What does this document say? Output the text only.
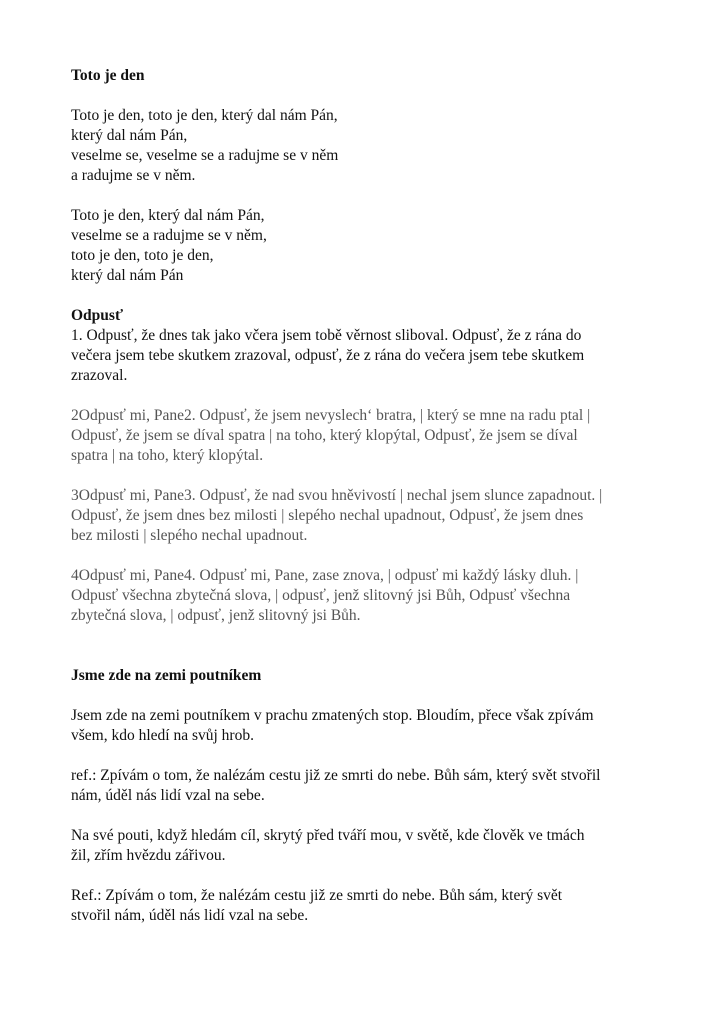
Toto je den

Toto je den, toto je den, který dal nám Pán,

který dal nám Pán,

veselme se, veselme se a radujme se v něm

a radujme se v něm.

Toto je den, který dal nám Pán,

veselme se a radujme se v něm,

toto je den, toto je den,

který dal nám Pán

Odpusť

1. Odpusť, že dnes tak jako včera jsem tobě věrnost sliboval. Odpusť, že z rána do

večera jsem tebe skutkem zrazoval, odpusť, že z rána do večera jsem tebe skutkem

zrazoval.

2Odpusť mi, Pane2. Odpusť, že jsem nevyslech‘ bratra, | který se mne na radu ptal |

Odpusť, že jsem se díval spatra | na toho, který klopýtal, Odpusť, že jsem se díval

spatra | na toho, který klopýtal.

3Odpusť mi, Pane3. Odpusť, že nad svou hněvivostí | nechal jsem slunce zapadnout. |

Odpusť, že jsem dnes bez milosti | slepého nechal upadnout, Odpusť, že jsem dnes

bez milosti | slepého nechal upadnout.

4Odpusť mi, Pane4. Odpusť mi, Pane, zase znova, | odpusť mi každý lásky dluh. |

Odpusť všechna zbytečná slova, | odpusť, jenž slitovný jsi Bůh, Odpusť všechna

zbytečná slova, | odpusť, jenž slitovný jsi Bůh.

Jsme zde na zemi poutníkem

Jsem zde na zemi poutníkem v prachu zmatených stop. Bloudím, přece však zpívám

všem, kdo hledí na svůj hrob.

ref.: Zpívám o tom, že nalézám cestu již ze smrti do nebe. Bůh sám, který svět stvořil

nám, úděl nás lidí vzal na sebe.

Na své pouti, když hledám cíl, skrytý před tváří mou, v světě, kde člověk ve tmách

žil, zřím hvězdu zářivou.

Ref.: Zpívám o tom, že nalézám cestu již ze smrti do nebe. Bůh sám, který svět

stvořil nám, úděl nás lidí vzal na sebe.
